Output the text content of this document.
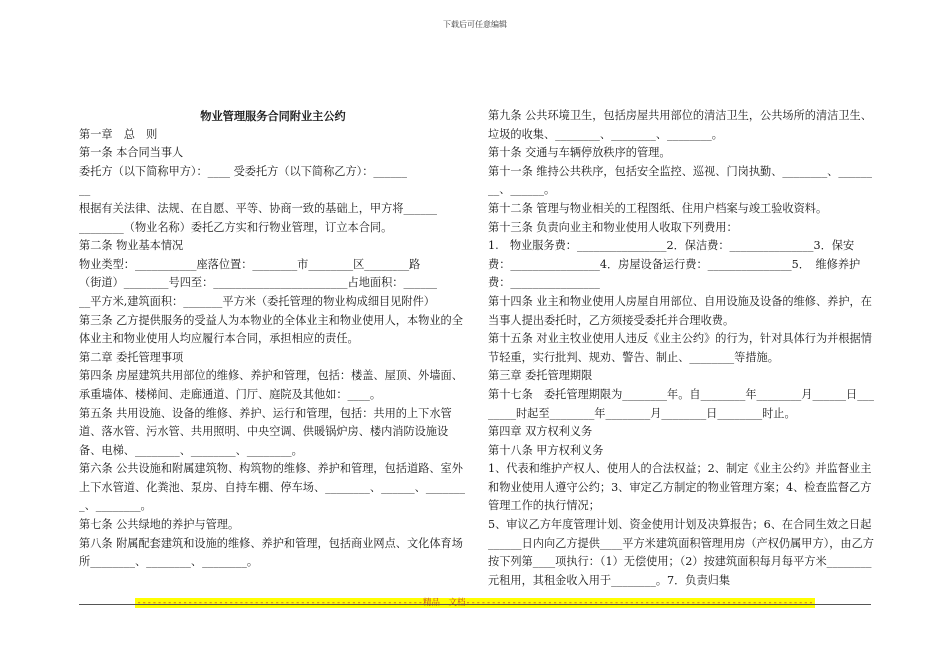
下载后可任意编辑
物业管理服务合同附业主公约
第一章　总　则
第一条 本合同当事人
委托方（以下简称甲方）：____ 受委托方（以下简称乙方）：______
__
根据有关法律、法规、在自愿、平等、协商一致的基础上，甲方将______
________（物业名称）委托乙方实和行物业管理，订立本合同。
第二条 物业基本情况
物业类型：___________座落位置：________市________区________路
（街道）________号四至：________________________占地面积：______
__平方米,建筑面积：_______平方米（委托管理的物业构成细目见附件）
第三条 乙方提供服务的受益人为本物业的全体业主和物业使用人，本物业的全体业主和物业使用人均应履行本合同，承担相应的责任。
第二章 委托管理事项
第四条 房屋建筑共用部位的维修、养护和管理，包括：楼盖、屋顶、外墙面、承重墙体、楼梯间、走廊通道、门厅、庭院及其他如：____。
第五条 共用设施、设备的维修、养护、运行和管理，包括：共用的上下水管道、落水管、污水管、共用照明、中央空调、供暖锅炉房、楼内消防设施设备、电梯、________、________、________。
第六条 公共设施和附属建筑物、构筑物的维修、养护和管理，包括道路、室外上下水管道、化粪池、泵房、自持车棚、停车场、________、______、________、________。
第七条 公共绿地的养护与管理。
第八条 附属配套建筑和设施的维修、养护和管理，包括商业网点、文化体育场所________、________、________。
第九条 公共环境卫生，包括房屋共用部位的清洁卫生，公共场所的清洁卫生、垃圾的收集、________、________、________。
第十条 交通与车辆停放秩序的管理。
第十一条 维持公共秩序，包括安全监控、巡视、门岗执勤、________、________、______。
第十二条 管理与物业相关的工程图纸、住用户档案与竣工验收资料。
第十三条 负责向业主和物业使用人收取下列费用：
1.　物业服务费：________________2．保洁费：_______________3．保安费：________________4．房屋设备运行费：_______________5．　维修养护费：________________
第十四条 业主和物业使用人房屋自用部位、自用设施及设备的维修、养护，在当事人提出委托时，乙方须接受委托并合理收费。
第十五条 对业主牧业使用人违反《业主公约》的行为，针对具体行为并根据情节轻重，实行批判、规劝、警告、制止、________等措施。
第三章 委托管理期限
第十七条　委托管理期限为________年。自________年________月______日________时起至________年________月________日________时止。
第四章 双方权利义务
第十八条 甲方权利义务
1、代表和维护产权人、使用人的合法权益；2、制定《业主公约》并监督业主和物业使用人遵守公约；3、审定乙方制定的物业管理方案；4、检查监督乙方管理工作的执行情况；
5、审议乙方年度管理计划、资金使用计划及决算报告；6、在合同生效之日起______日内向乙方提供____平方米建筑面积管理用房（产权仍属甲方），由乙方按下列第____项执行：（1）无偿使用；（2）按建筑面积每月每平方米________元租用，其租金收入用于________。7．负责归集
--------------------------------------------------------精品　文档--------------------------------------------------------------------
